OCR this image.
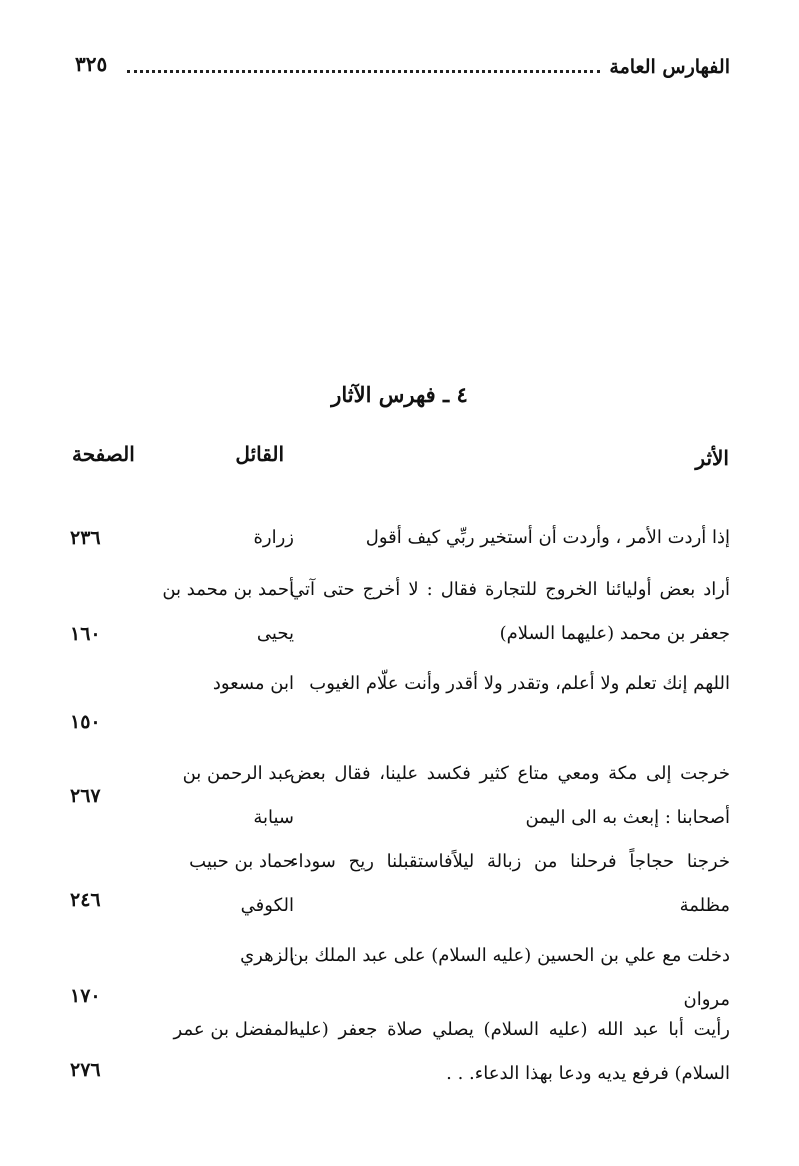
الفهارس العامة
٣٢٥
٤ ـ فهرس الآثار
الأثر
القائل
الصفحة
إذا أردت الأمر ، وأردت أن أستخير ربِّي كيف أقول
زرارة
٢٣٦
أراد بعض أوليائنا الخروج للتجارة فقال : لا أخرج حتى آتي جعفر بن محمد (عليهما السلام)
أحمد بن محمد بن يحيى
١٦٠
اللهم إنك تعلم ولا أعلم، وتقدر ولا أقدر وأنت علّام الغيوب
ابن مسعود
١٥٠
خرجت إلى مكة ومعي متاع كثير فكسد علينا، فقال بعض أصحابنا : إبعث به الى اليمن
عبد الرحمن بن سيابة
٢٦٧
خرجنا حجاجاً فرحلنا من زبالة ليلاًفاستقبلنا ريح سوداء مظلمة
حماد بن حبيب الكوفي
٢٤٦
دخلت مع علي بن الحسين (عليه السلام) على عبد الملك بن مروان
الزهري
١٧٠
رأيت أبا عبد الله (عليه السلام) يصلي صلاة جعفر (عليه السلام) فرفع يديه ودعا بهذا الدعاء. . .
المفضل بن عمر
٢٧٦
